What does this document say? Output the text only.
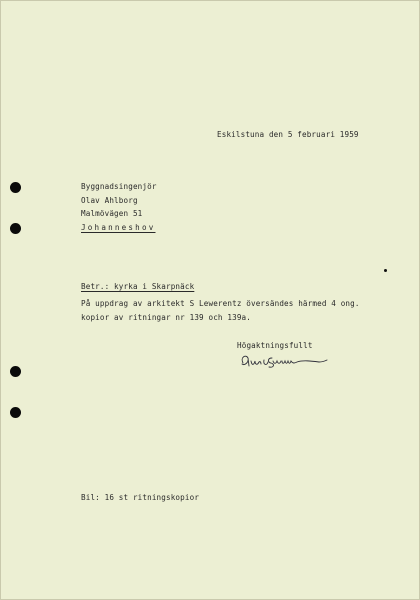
Eskilstuna den 5 februari 1959
Byggnadsingenjör
Olav Ahlborg
Malmövägen 51
Johanneshov
Betr.: kyrka i Skarpnäck
På uppdrag av arkitekt S Lewerentz översändes härmed 4 ong.
kopior av ritningar nr 139 och 139a.
Högaktningsfullt
Bil: 16 st ritningskopior
